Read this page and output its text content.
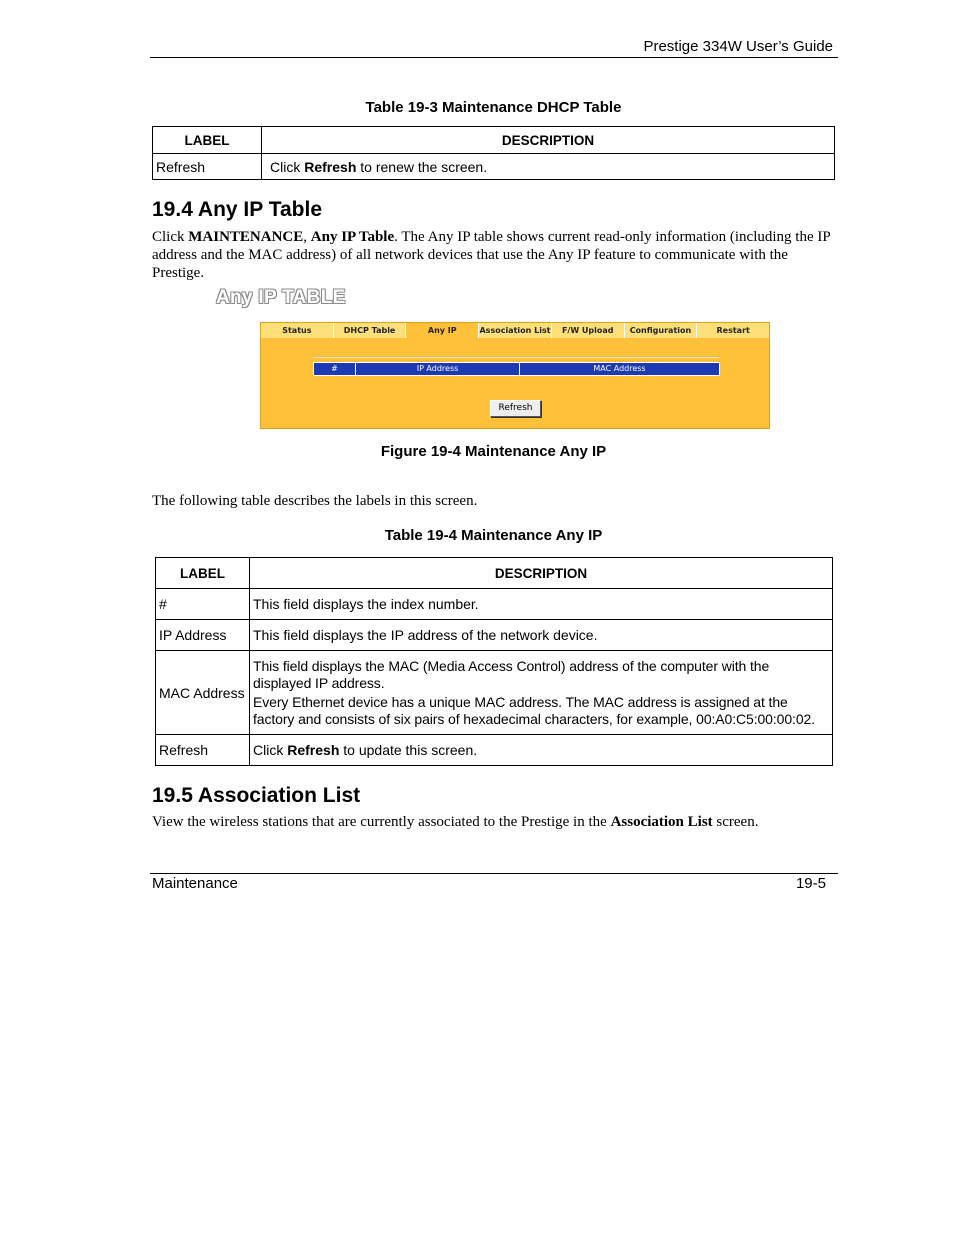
Prestige 334W User’s Guide
Table 19-3 Maintenance DHCP Table
LABEL	DESCRIPTION
Refresh	Click Refresh to renew the screen.
19.4 Any IP Table
Click MAINTENANCE, Any IP Table. The Any IP table shows current read-only information (including the IP address and the MAC address) of all network devices that use the Any IP feature to communicate with the Prestige.
Any IP TABLE
Status	DHCP Table	Any IP	Association List	F/W Upload	Configuration	Restart
#	IP Address	MAC Address
Refresh
Figure 19-4 Maintenance Any IP
The following table describes the labels in this screen.
Table 19-4 Maintenance Any IP
LABEL	DESCRIPTION
#	This field displays the index number.
IP Address	This field displays the IP address of the network device.
MAC Address	This field displays the MAC (Media Access Control) address of the computer with the displayed IP address.

Every Ethernet device has a unique MAC address. The MAC address is assigned at the factory and consists of six pairs of hexadecimal characters, for example, 00:A0:C5:00:00:02.

Refresh	Click Refresh to update this screen.
19.5 Association List
View the wireless stations that are currently associated to the Prestige in the Association List screen.
Maintenance	19-5
